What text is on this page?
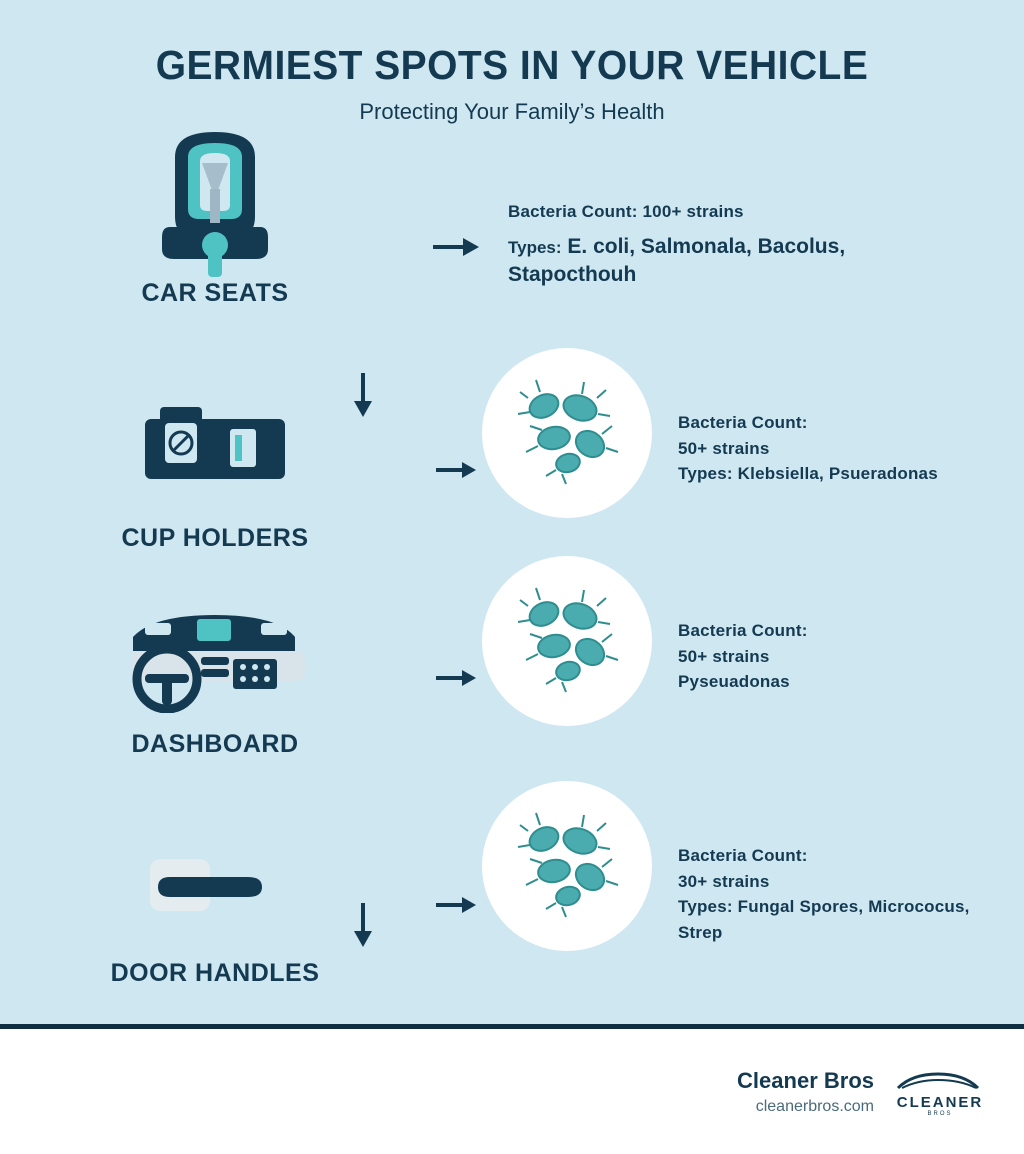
GERMIEST SPOTS IN YOUR VEHICLE
Protecting Your Family’s Health
CAR SEATS
Bacteria Count: 100+ strains
Types: E. coli, Salmonala, Bacolus, Stapocthouh
CUP HOLDERS
Bacteria Count:
50+ strains
Types: Klebsiella, Psueradonas
DASHBOARD
Bacteria Count:
50+ strains
Pyseuadonas
DOOR HANDLES
Bacteria Count:
30+ strains
Types: Fungal Spores, Micrococus, Strep
Cleaner Bros
cleanerbros.com CLEANER
BROS
